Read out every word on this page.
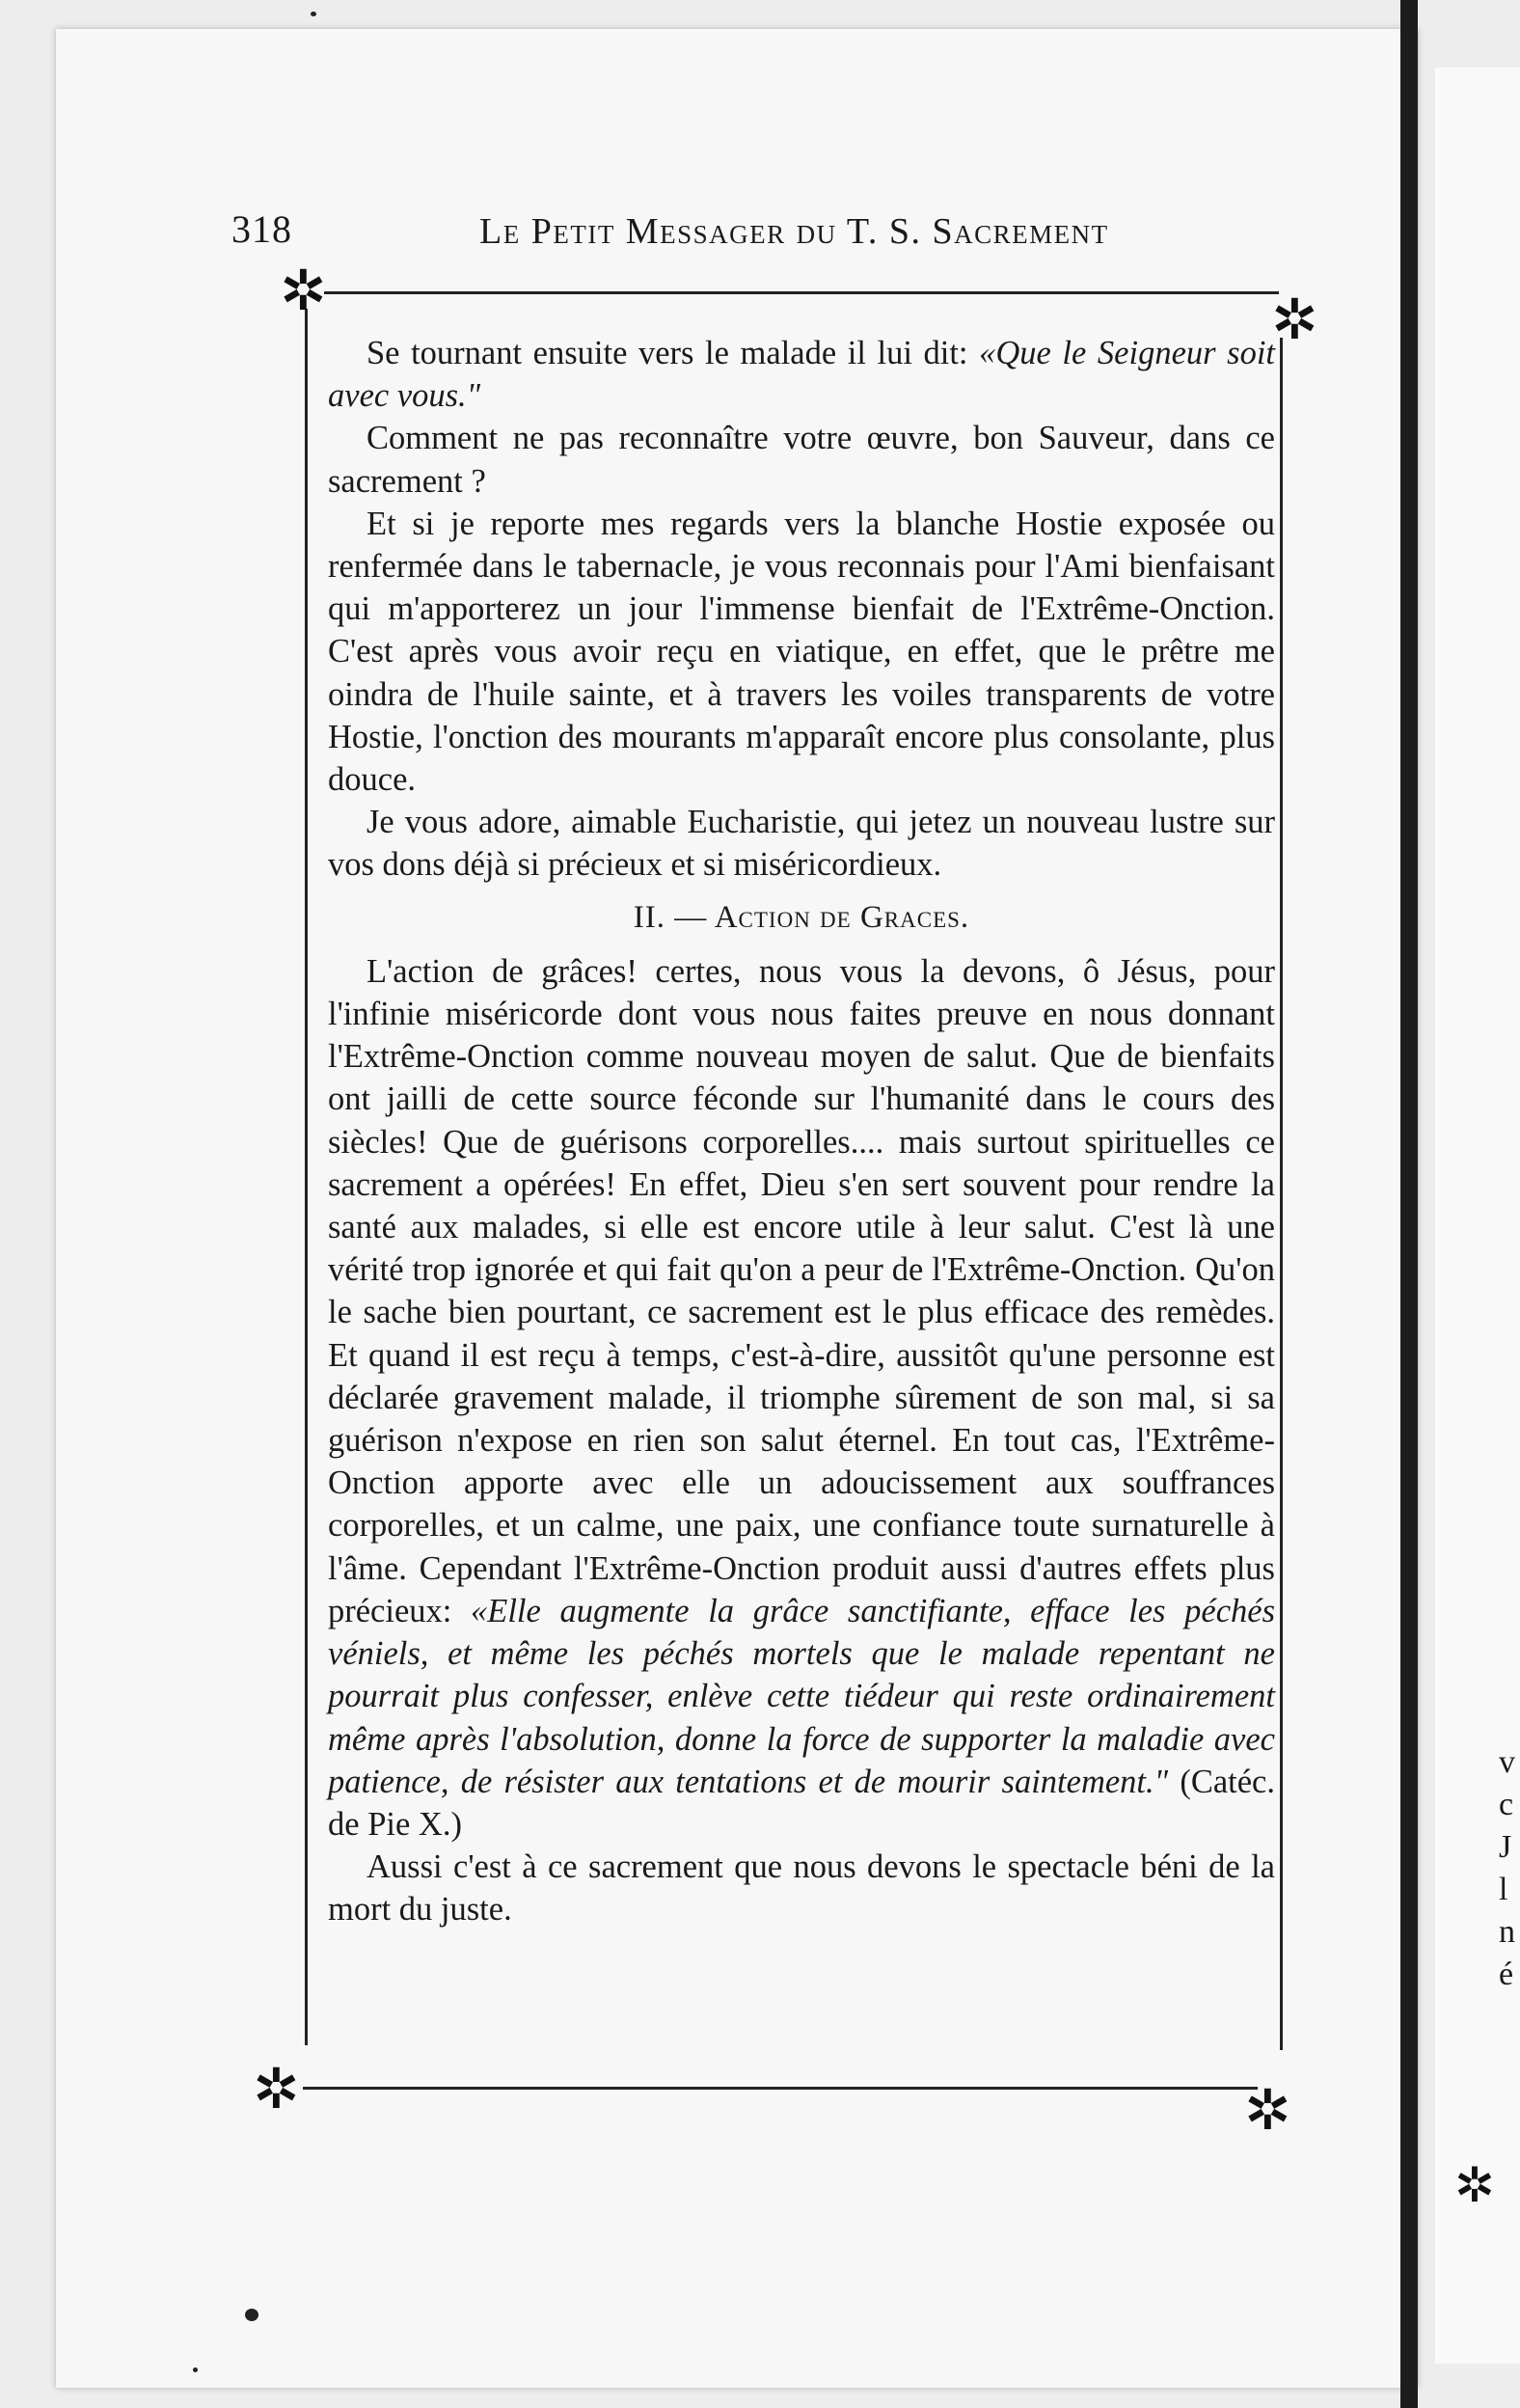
v
c
J
l
n
é
✲
318	Le Petit Messager du T. S. Sacrement
✲	✲
✲	✲

Se tournant ensuite vers le malade il lui dit: «Que le Seigneur soit avec vous."

Comment ne pas reconnaître votre œuvre, bon Sauveur, dans ce sacrement ?

Et si je reporte mes regards vers la blanche Hostie exposée ou renfermée dans le tabernacle, je vous reconnais pour l'Ami bienfaisant qui m'apporterez un jour l'immense bienfait de l'Extrême-Onction. C'est après vous avoir reçu en viatique, en effet, que le prêtre me oindra de l'huile sainte, et à travers les voiles transparents de votre Hostie, l'onction des mourants m'apparaît encore plus consolante, plus douce.

Je vous adore, aimable Eucharistie, qui jetez un nouveau lustre sur vos dons déjà si précieux et si miséricordieux.

II. — Action de Graces.

L'action de grâces! certes, nous vous la devons, ô Jésus, pour l'infinie miséricorde dont vous nous faites preuve en nous donnant l'Extrême-Onction comme nouveau moyen de salut. Que de bienfaits ont jailli de cette source féconde sur l'humanité dans le cours des siècles! Que de guérisons corporelles.... mais surtout spirituelles ce sacrement a opérées! En effet, Dieu s'en sert souvent pour rendre la santé aux malades, si elle est encore utile à leur salut. C'est là une vérité trop ignorée et qui fait qu'on a peur de l'Extrême-Onction. Qu'on le sache bien pourtant, ce sacrement est le plus efficace des remèdes. Et quand il est reçu à temps, c'est-à-dire, aussitôt qu'une personne est déclarée gravement malade, il triomphe sûrement de son mal, si sa guérison n'expose en rien son salut éternel. En tout cas, l'Extrême-Onction apporte avec elle un adoucissement aux souffrances corporelles, et un calme, une paix, une confiance toute surnaturelle à l'âme. Cependant l'Extrême-Onction produit aussi d'autres effets plus précieux: «Elle augmente la grâce sanctifiante, efface les péchés véniels, et même les péchés mortels que le malade repentant ne pourrait plus confesser, enlève cette tiédeur qui reste ordinairement même après l'absolution, donne la force de supporter la maladie avec patience, de résister aux tentations et de mourir saintement." (Catéc. de Pie X.)

Aussi c'est à ce sacrement que nous devons le spectacle béni de la mort du juste.
